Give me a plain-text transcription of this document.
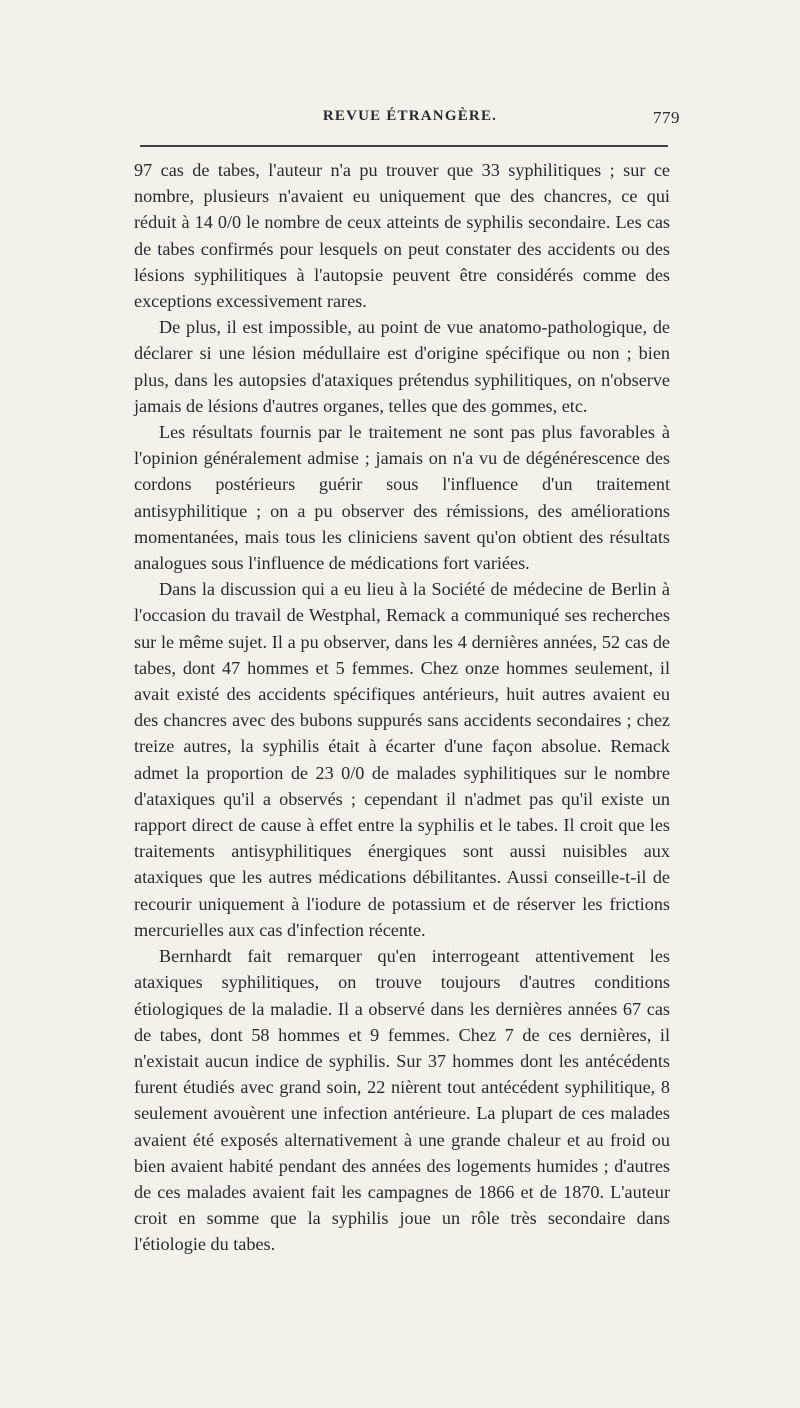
REVUE ÉTRANGÈRE.	779

97 cas de tabes, l'auteur n'a pu trouver que 33 syphilitiques ; sur ce nombre, plusieurs n'avaient eu uniquement que des chancres, ce qui réduit à 14 0/0 le nombre de ceux atteints de syphilis secondaire. Les cas de tabes confirmés pour lesquels on peut constater des accidents ou des lésions syphilitiques à l'autopsie peuvent être considérés comme des exceptions excessivement rares.

De plus, il est impossible, au point de vue anatomo-pathologique, de déclarer si une lésion médullaire est d'origine spécifique ou non ; bien plus, dans les autopsies d'ataxiques prétendus syphilitiques, on n'observe jamais de lésions d'autres organes, telles que des gommes, etc.

Les résultats fournis par le traitement ne sont pas plus favorables à l'opinion généralement admise ; jamais on n'a vu de dégénérescence des cordons postérieurs guérir sous l'influence d'un traitement antisyphilitique ; on a pu observer des rémissions, des améliorations momentanées, mais tous les cliniciens savent qu'on obtient des résultats analogues sous l'influence de médications fort variées.

Dans la discussion qui a eu lieu à la Société de médecine de Berlin à l'occasion du travail de Westphal, Remack a communiqué ses recherches sur le même sujet. Il a pu observer, dans les 4 dernières années, 52 cas de tabes, dont 47 hommes et 5 femmes. Chez onze hommes seulement, il avait existé des accidents spécifiques antérieurs, huit autres avaient eu des chancres avec des bubons suppurés sans accidents secondaires ; chez treize autres, la syphilis était à écarter d'une façon absolue. Remack admet la proportion de 23 0/0 de malades syphilitiques sur le nombre d'ataxiques qu'il a observés ; cependant il n'admet pas qu'il existe un rapport direct de cause à effet entre la syphilis et le tabes. Il croit que les traitements antisyphilitiques énergiques sont aussi nuisibles aux ataxiques que les autres médications débilitantes. Aussi conseille-t-il de recourir uniquement à l'iodure de potassium et de réserver les frictions mercurielles aux cas d'infection récente.

Bernhardt fait remarquer qu'en interrogeant attentivement les ataxiques syphilitiques, on trouve toujours d'autres conditions étiologiques de la maladie. Il a observé dans les dernières années 67 cas de tabes, dont 58 hommes et 9 femmes. Chez 7 de ces dernières, il n'existait aucun indice de syphilis. Sur 37 hommes dont les antécédents furent étudiés avec grand soin, 22 nièrent tout antécédent syphilitique, 8 seulement avouèrent une infection antérieure. La plupart de ces malades avaient été exposés alternativement à une grande chaleur et au froid ou bien avaient habité pendant des années des logements humides ; d'autres de ces malades avaient fait les campagnes de 1866 et de 1870. L'auteur croit en somme que la syphilis joue un rôle très secondaire dans l'étiologie du tabes.
